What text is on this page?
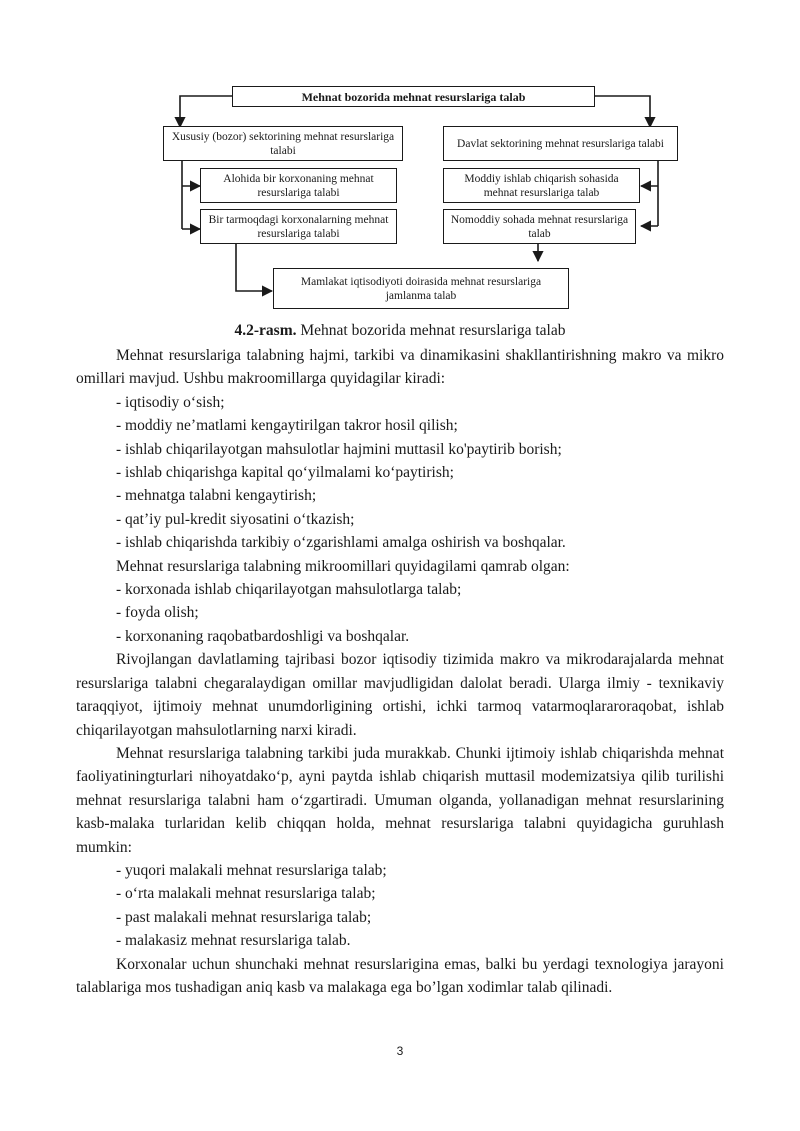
Mehnat bozorida mehnat resurslariga talab
Xususiy (bozor) sektorining mehnat resurslariga talabi
Davlat sektorining mehnat resurslariga talabi
Alohida bir korxonaning mehnat resurslariga talabi
Moddiy ishlab chiqarish sohasida mehnat resurslariga talab
Bir tarmoqdagi korxonalarning mehnat resurslariga talabi
Nomoddiy sohada mehnat resurslariga talab
Mamlakat iqtisodiyoti doirasida mehnat resurslariga jamlanma talab
4.2-rasm. Mehnat bozorida mehnat resurslariga talab

Mehnat resurslariga talabning hajmi, tarkibi va dinamikasini shakllantirishning makro va mikro omillari mavjud. Ushbu makroomillarga quyidagilar kiradi:

- iqtisodiy o‘sish;

- moddiy ne’matlami kengaytirilgan takror hosil qilish;

- ishlab chiqarilayotgan mahsulotlar hajmini muttasil ko'paytirib borish;

- ishlab chiqarishga kapital qo‘yilmalami ko‘paytirish;

- mehnatga talabni kengaytirish;

- qat’iy pul-kredit siyosatini o‘tkazish;

- ishlab chiqarishda tarkibiy o‘zgarishlami amalga oshirish va boshqalar.

Mehnat resurslariga talabning mikroomillari quyidagilami qamrab olgan:

- korxonada ishlab chiqarilayotgan mahsulotlarga talab;

- foyda olish;

- korxonaning raqobatbardoshligi va boshqalar.

Rivojlangan davlatlaming tajribasi bozor iqtisodiy tizimida makro va mikrodarajalarda mehnat resurslariga talabni chegaralaydigan omillar mavjudligidan dalolat beradi. Ularga ilmiy - texnikaviy taraqqiyot, ijtimoiy mehnat unumdorligining ortishi, ichki tarmoq vatarmoqlararoraqobat, ishlab chiqarilayotgan mahsulotlarning narxi kiradi.

Mehnat resurslariga talabning tarkibi juda murakkab. Chunki ijtimoiy ishlab chiqarishda mehnat faoliyatiningturlari nihoyatdako‘p, ayni paytda ishlab chiqarish muttasil modemizatsiya qilib turilishi mehnat resurslariga talabni ham o‘zgartiradi. Umuman olganda, yollanadigan mehnat resurslarining kasb-malaka turlaridan kelib chiqqan holda, mehnat resurslariga talabni quyidagicha guruhlash mumkin:

- yuqori malakali mehnat resurslariga talab;

- o‘rta malakali mehnat resurslariga talab;

- past malakali mehnat resurslariga talab;

- malakasiz mehnat resurslariga talab.

Korxonalar uchun shunchaki mehnat resurslarigina emas, balki bu yerdagi texnologiya jarayoni talablariga mos tushadigan aniq kasb va malakaga ega bo’lgan xodimlar talab qilinadi.

3
